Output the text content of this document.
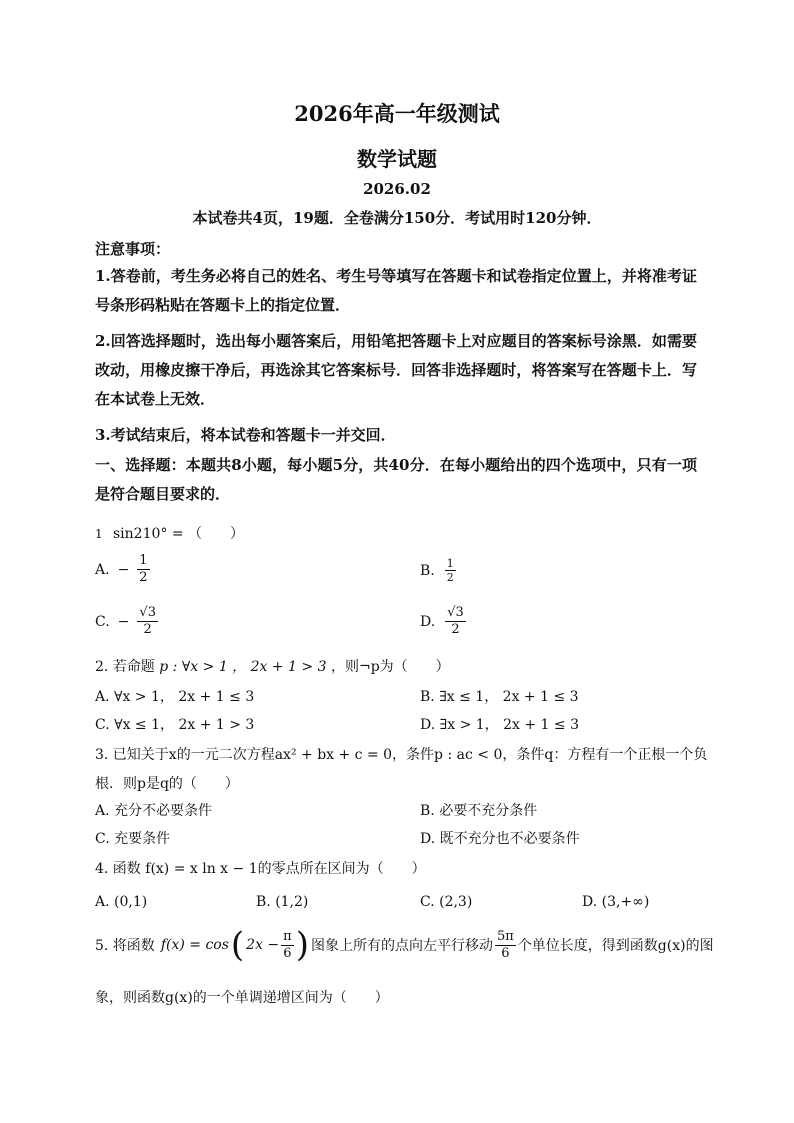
2026年高一年级测试
数学试题
2026.02
本试卷共4页，19题．全卷满分150分．考试用时120分钟．
注意事项：
1.答卷前，考生务必将自己的姓名、考生号等填写在答题卡和试卷指定位置上，并将准考证号条形码粘贴在答题卡上的指定位置．
2.回答选择题时，选出每小题答案后，用铅笔把答题卡上对应题目的答案标号涂黑．如需要改动，用橡皮擦干净后，再选涂其它答案标号．回答非选择题时，将答案写在答题卡上．写在本试卷上无效．
3.考试结束后，将本试卷和答题卡一并交回．
一、选择题：本题共8小题，每小题5分，共40分．在每小题给出的四个选项中，只有一项是符合题目要求的．
1 sin210° = （　　）
A. − $\frac{1}{2}$	B. $\frac{1}{2}$
C. − $\frac{√3}{2}$	D. $\frac{√3}{2}$
2. 若命题 p : ∀x > 1 ， 2x + 1 > 3 ，则¬p为（　　）
A. ∀x > 1， 2x + 1 ≤ 3	B. ∃x ≤ 1， 2x + 1 ≤ 3
C. ∀x ≤ 1， 2x + 1 > 3	D. ∃x > 1， 2x + 1 ≤ 3
3. 已知关于x的一元二次方程ax² + bx + c = 0，条件p : ac < 0，条件q：方程有一个正根一个负
根．则p是q的（　　）
A. 充分不必要条件	B. 必要不充分条件
C. 充要条件	D. 既不充分也不必要条件
4. 函数 f(x) = x ln x − 1的零点所在区间为（　　）
A. (0,1)	B. (1,2)	C. (2,3)	D. (3,+∞)
5. 将函数 f(x) = cos ( $2x - \frac{\pi}{6}$ ) 图象上所有的点向左平行移动 $\frac{5\pi}{6}$ 个单位长度，得到函数g(x)的图
象，则函数g(x)的一个单调递增区间为（　　）
